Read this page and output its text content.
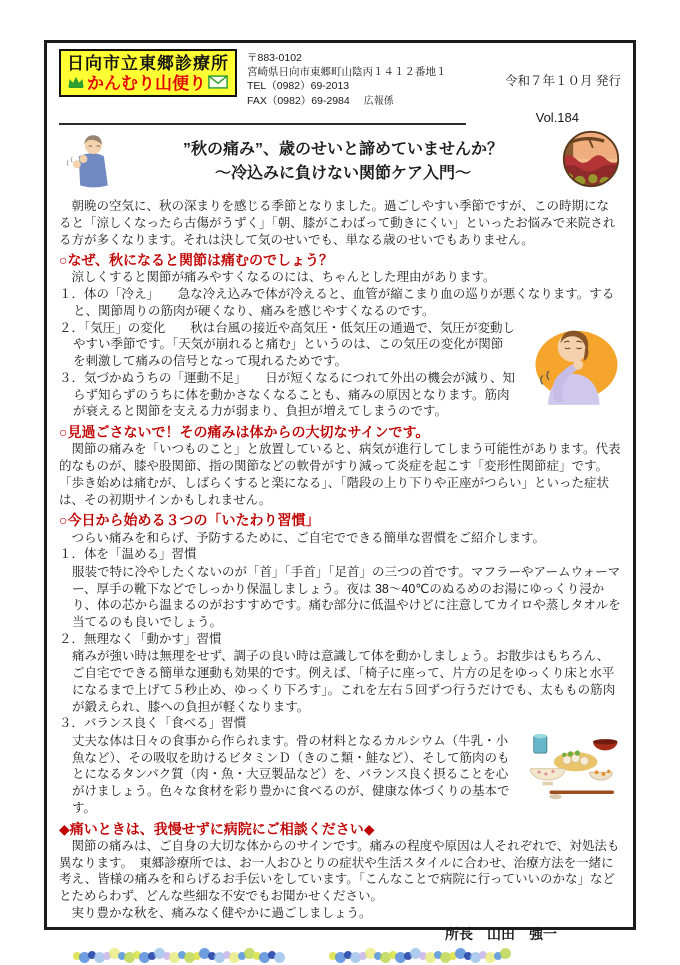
日向市立東郷診療所
かんむり山便り
〒883-0102
宮崎県日向市東郷町山陰丙１４１２番地１
TEL（0982）69-2013
FAX（0982）69-2984 広報係
令和７年１０月 発行
Vol.184
”秋の痛み”、歳のせいと諦めていませんか？
～冷込みに負けない関節ケア入門～

　朝晩の空気に、秋の深まりを感じる季節となりました。過ごしやすい季節ですが、この時期になると「涼しくなったら古傷がうずく」「朝、膝がこわばって動きにくい」といったお悩みで来院される方が多くなります。それは決して気のせいでも、単なる歳のせいでもありません。

○なぜ、秋になると関節は痛むのでしょう？

　涼しくすると関節が痛みやすくなるのには、ちゃんとした理由があります。

１．体の「冷え」　　急な冷え込みで体が冷えると、血管が縮こまり血の巡りが悪くなります。すると、関節周りの筋肉が硬くなり、痛みを感じやすくなるのです。

２．「気圧」の変化　　秋は台風の接近や高気圧・低気圧の通過で、気圧が変動しやすい季節です。「天気が崩れると痛む」というのは、この気圧の変化が関節を刺激して痛みの信号となって現れるためです。

３．気づかぬうちの「運動不足」　　日が短くなるにつれて外出の機会が減り、知らず知らずのうちに体を動かさなくなることも、痛みの原因となります。筋肉が衰えると関節を支える力が弱まり、負担が増えてしまうのです。

○見過ごさないで！その痛みは体からの大切なサインです。

　関節の痛みを「いつものこと」と放置していると、病気が進行してしまう可能性があります。代表的なものが、膝や股関節、指の関節などの軟骨がすり減って炎症を起こす「変形性関節症」です。「歩き始めは痛むが、しばらくすると楽になる」、「階段の上り下りや正座がつらい」といった症状は、その初期サインかもしれません。

○今日から始める３つの「いたわり習慣」

　つらい痛みを和らげ、予防するために、ご自宅でできる簡単な習慣をご紹介します。

１．体を「温める」習慣

服装で特に冷やしたくないのが「首」「手首」「足首」の三つの首です。マフラーやアームウォーマー、厚手の靴下などでしっかり保温しましょう。夜は 38～40℃のぬるめのお湯にゆっくり浸かり、体の芯から温まるのがおすすめです。痛む部分に低温やけどに注意してカイロや蒸しタオルを当てるのも良いでしょう。

２．無理なく「動かす」習慣

痛みが強い時は無理をせず、調子の良い時は意識して体を動かしましょう。お散歩はもちろん、ご自宅でできる簡単な運動も効果的です。例えば、「椅子に座って、片方の足をゆっくり床と水平になるまで上げて５秒止め、ゆっくり下ろす」。これを左右５回ずつ行うだけでも、太ももの筋肉が鍛えられ、膝への負担が軽くなります。

３．バランス良く「食べる」習慣

丈夫な体は日々の食事から作られます。骨の材料となるカルシウム（牛乳・小魚など）、その吸収を助けるビタミンＤ（きのこ類・鮭など）、そして筋肉のもとになるタンパク質（肉・魚・大豆製品など）を、バランス良く摂ることを心がけましょう。色々な食材を彩り豊かに食べるのが、健康な体づくりの基本です。

◆痛いときは、我慢せずに病院にご相談ください◆

　関節の痛みは、ご自身の大切な体からのサインです。痛みの程度や原因は人それぞれで、対処法も異なります。　東郷診療所では、お一人おひとりの症状や生活スタイルに合わせ、治療方法を一緒に考え、皆様の痛みを和らげるお手伝いをしています。「こんなことで病院に行っていいのかな」などとためらわず、どんな些細な不安でもお聞かせください。

　実り豊かな秋を、痛みなく健やかに過ごしましょう。

所長　山田　強一
